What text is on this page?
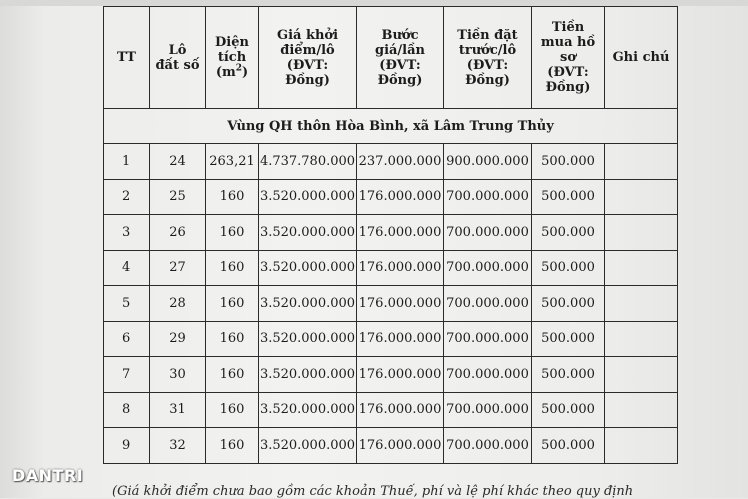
TT	Lô
đất số	Diện
tích
$(m^2)$	Giá khởi
điểm/lô
(ĐVT:
Đồng)	Bước
giá/lần
(ĐVT:
Đồng)	Tiền đặt
trước/lô
(ĐVT:
Đồng)	Tiền
mua hồ
sơ
(ĐVT:
Đồng)	Ghi chú
Vùng QH thôn Hòa Bình, xã Lâm Trung Thủy							
1	24	263,21	4.737.780.000	237.000.000	900.000.000	500.000	
2	25	160	3.520.000.000	176.000.000	700.000.000	500.000	
3	26	160	3.520.000.000	176.000.000	700.000.000	500.000	
4	27	160	3.520.000.000	176.000.000	700.000.000	500.000	
5	28	160	3.520.000.000	176.000.000	700.000.000	500.000	
6	29	160	3.520.000.000	176.000.000	700.000.000	500.000	
7	30	160	3.520.000.000	176.000.000	700.000.000	500.000	
8	31	160	3.520.000.000	176.000.000	700.000.000	500.000	
9	32	160	3.520.000.000	176.000.000	700.000.000	500.000	
(Giá khởi điểm chưa bao gồm các khoản Thuế, phí và lệ phí khác theo quy định
DANTRI
